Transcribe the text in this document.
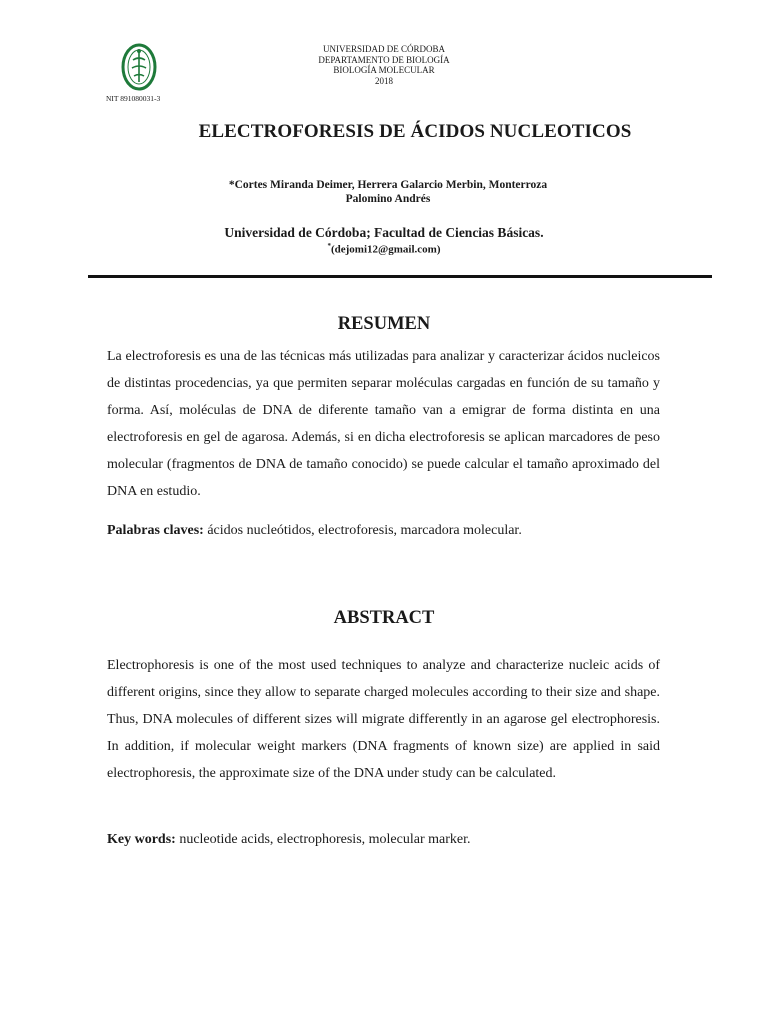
NIT 891080031-3
UNIVERSIDAD DE CÓRDOBA
DEPARTAMENTO DE BIOLOGÍA
BIOLOGÍA MOLECULAR
2018
ELECTROFORESIS DE ÁCIDOS NUCLEOTICOS
*Cortes Miranda Deimer, Herrera Galarcio Merbin, Monterroza
Palomino Andrés
Universidad de Córdoba; Facultad de Ciencias Básicas.
*(dejomi12@gmail.com)
RESUMEN
La electroforesis es una de las técnicas más utilizadas para analizar y caracterizar ácidos nucleicos de distintas procedencias, ya que permiten separar moléculas cargadas en función de su tamaño y forma. Así, moléculas de DNA de diferente tamaño van a emigrar de forma distinta en una electroforesis en gel de agarosa. Además, si en dicha electroforesis se aplican marcadores de peso molecular (fragmentos de DNA de tamaño conocido) se puede calcular el tamaño aproximado del DNA en estudio.
Palabras claves: ácidos nucleótidos, electroforesis, marcadora molecular.
ABSTRACT
Electrophoresis is one of the most used techniques to analyze and characterize nucleic acids of different origins, since they allow to separate charged molecules according to their size and shape. Thus, DNA molecules of different sizes will migrate differently in an agarose gel electrophoresis. In addition, if molecular weight markers (DNA fragments of known size) are applied in said electrophoresis, the approximate size of the DNA under study can be calculated.
Key words: nucleotide acids, electrophoresis, molecular marker.
